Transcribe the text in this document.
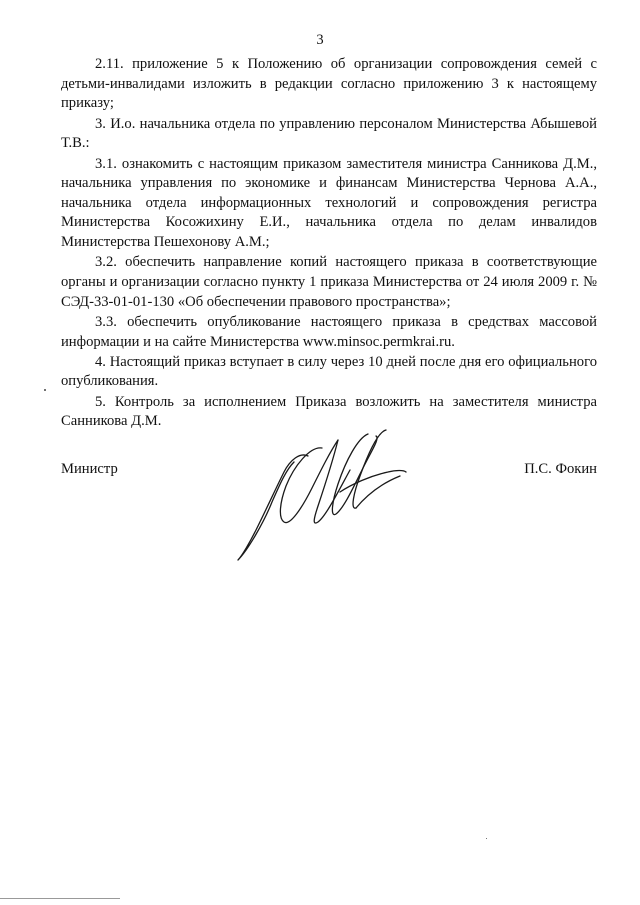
3

2.11. приложение 5 к Положению об организации сопровождения семей с детьми-инвалидами изложить в редакции согласно приложению 3 к настоящему приказу;

3. И.о. начальника отдела по управлению персоналом Министерства Абышевой Т.В.:

3.1. ознакомить с настоящим приказом заместителя министра Санникова Д.М., начальника управления по экономике и финансам Министерства Чернова А.А., начальника отдела информационных технологий и сопровождения регистра Министерства Косожихину Е.И., начальника отдела по делам инвалидов Министерства Пешехонову А.М.;

3.2. обеспечить направление копий настоящего приказа в соответствующие органы и организации согласно пункту 1 приказа Министерства от 24 июля 2009 г. № СЭД-33-01-01-130 «Об обеспечении правового пространства»;

3.3. обеспечить опубликование настоящего приказа в средствах массовой информации и на сайте Министерства www.minsoc.permkrai.ru.

4. Настоящий приказ вступает в силу через 10 дней после дня его официального опубликования.

5. Контроль за исполнением Приказа возложить на заместителя министра Санникова Д.М.

Министр	П.С. Фокин
